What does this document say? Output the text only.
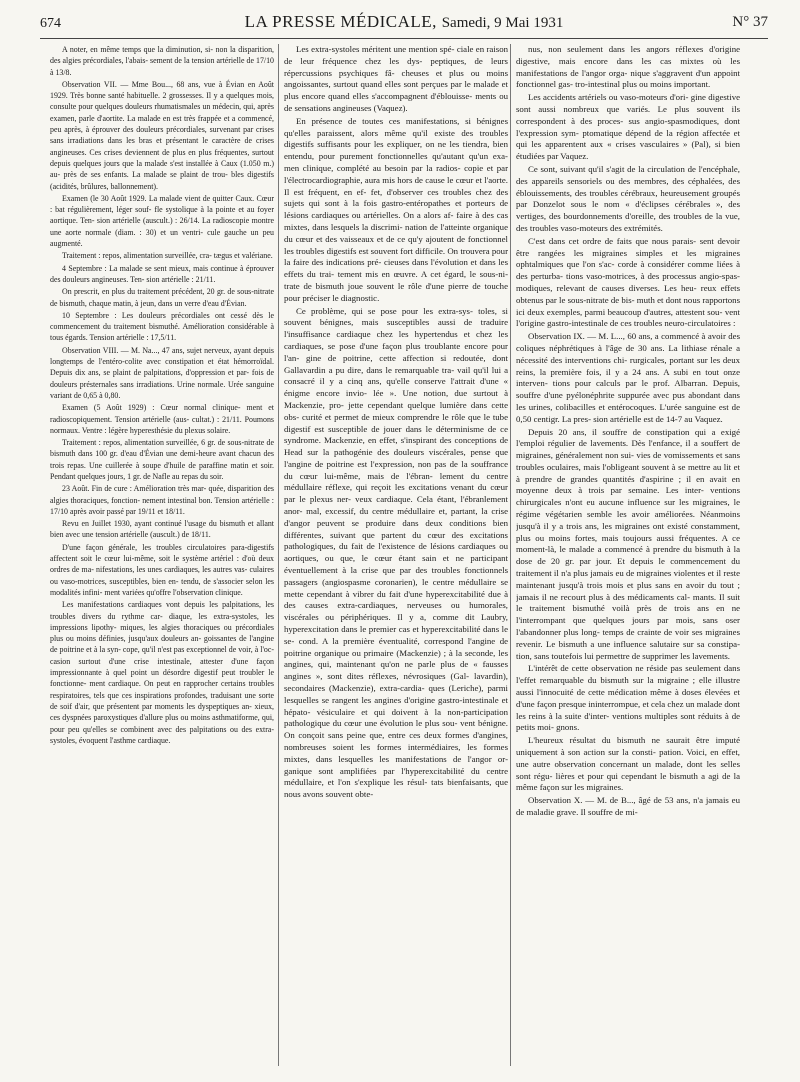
674	LA PRESSE MÉDICALE, Samedi, 9 Mai 1931	N° 37

A noter, en même temps que la diminution, si- non la disparition, des algies précordiales, l'abais- sement de la tension artérielle de 17/10 à 13/8.

Observation VII. — Mme Bou..., 68 ans, vue à Évian en Août 1929. Très bonne santé habituelle. 2 grossesses. Il y a quelques mois, consulte pour quelques douleurs rhumatismales un médecin, qui, après examen, parle d'aortite. La malade en est très frappée et a commencé, peu après, à éprouver des douleurs précordiales, survenant par crises sans irradiations dans les bras et présentant le caractère de crises angineuses. Ces crises deviennent de plus en plus fréquentes, surtout depuis quelques jours que la malade s'est installée à Caux (1.050 m.) au- près de ses enfants. La malade se plaint de trou- bles digestifs (acidités, brûlures, ballonnement).

Examen (le 30 Août 1929. La malade vient de quitter Caux. Cœur : bat régulièrement, léger souf- fle systolique à la pointe et au foyer aortique. Ten- sion artérielle (auscult.) : 26/14. La radioscopie montre une aorte normale (diam. : 30) et un ventri- cule gauche un peu augmenté.

Traitement : repos, alimentation surveillée, cra- tægus et valériane.

4 Septembre : La malade se sent mieux, mais continue à éprouver des douleurs angineuses. Ten- sion artérielle : 21/11.

On prescrit, en plus du traitement précédent, 20 gr. de sous-nitrate de bismuth, chaque matin, à jeun, dans un verre d'eau d'Évian.

10 Septembre : Les douleurs précordiales ont cessé dès le commencement du traitement bismuthé. Amélioration considérable à tous égards. Tension artérielle : 17,5/11.

Observation VIII. — M. Na..., 47 ans, sujet nerveux, ayant depuis longtemps de l'entéro-colite avec constipation et état hémorroïdal. Depuis dix ans, se plaint de palpitations, d'oppression et par- fois de douleurs présternales sans irradiations. Urine normale. Urée sanguine variant de 0,65 à 0,80.

Examen (5 Août 1929) : Cœur normal clinique- ment et radioscopiquement. Tension artérielle (aus- cultat.) : 21/11. Poumons normaux. Ventre : légère hyperesthésie du plexus solaire.

Traitement : repos, alimentation surveillée, 6 gr. de sous-nitrate de bismuth dans 100 gr. d'eau d'Évian une demi-heure avant chacun des trois repas. Une cuillerée à soupe d'huile de paraffine matin et soir. Pendant quelques jours, 1 gr. de Nafle au repas du soir.

23 Août. Fin de cure : Amélioration très mar- quée, disparition des algies thoraciques, fonction- nement intestinal bon. Tension artérielle : 17/10 après avoir passé par 19/11 et 18/11.

Revu en Juillet 1930, ayant continué l'usage du bismuth et allant bien avec une tension artérielle (auscult.) de 18/11.

D'une façon générale, les troubles circulatoires para-digestifs affectent soit le cœur lui-même, soit le système artériel : d'où deux ordres de ma- nifestations, les unes cardiaques, les autres vas- culaires ou vaso-motrices, susceptibles, bien en- tendu, de s'associer selon les modalités infini- ment variées qu'offre l'observation clinique.

Les manifestations cardiaques vont depuis les palpitations, les troubles divers du rythme car- diaque, les extra-systoles, les impressions lipothy- miques, les algies thoraciques ou précordiales plus ou moins définies, jusqu'aux douleurs an- goissantes de l'angine de poitrine et à la syn- cope, qu'il n'est pas exceptionnel de voir, à l'oc- casion surtout d'une crise intestinale, attester d'une façon impressionnante à quel point un désordre digestif peut troubler le fonctionne- ment cardiaque. On peut en rapprocher certains troubles respiratoires, tels que ces inspirations profondes, traduisant une sorte de soif d'air, que présentent par moments les dyspeptiques an- xieux, ces dyspnées paroxystiques d'allure plus ou moins asthmatiforme, qui, pour peu qu'elles se combinent avec des palpitations ou des extra- systoles, évoquent l'asthme cardiaque.

Les extra-systoles méritent une mention spé- ciale en raison de leur fréquence chez les dys- peptiques, de leurs répercussions psychiques fâ- cheuses et plus ou moins angoissantes, surtout quand elles sont perçues par le malade et plus encore quand elles s'accompagnent d'éblouisse- ments ou de sensations angineuses (Vaquez).

En présence de toutes ces manifestations, si bénignes qu'elles paraissent, alors même qu'il existe des troubles digestifs suffisants pour les expliquer, on ne les tiendra, bien entendu, pour purement fonctionnelles qu'autant qu'un exa- men clinique, complété au besoin par la radios- copie et par l'électrocardiographie, aura mis hors de cause le cœur et l'aorte. Il est fréquent, en ef- fet, d'observer ces troubles chez des sujets qui sont à la fois gastro-entéropathes et porteurs de lésions cardiaques ou artérielles. On a alors af- faire à des cas mixtes, dans lesquels la discrimi- nation de l'atteinte organique du cœur et des vaisseaux et de ce qu'y ajoutent de fonctionnel les troubles digestifs est souvent fort difficile. On trouvera pour la faire des indications pré- cieuses dans l'évolution et dans les effets du trai- tement mis en œuvre. A cet égard, le sous-ni- trate de bismuth joue souvent le rôle d'une pierre de touche pour préciser le diagnostic.

Ce problème, qui se pose pour les extra-sys- toles, si souvent bénignes, mais susceptibles aussi de traduire l'insuffisance cardiaque chez les hypertendus et chez les cardiaques, se pose d'une façon plus troublante encore pour l'an- gine de poitrine, cette affection si redoutée, dont Gallavardin a pu dire, dans le remarquable tra- vail qu'il lui a consacré il y a cinq ans, qu'elle conserve l'attrait d'une « énigme encore invio- lée ». Une notion, due surtout à Mackenzie, pro- jette cependant quelque lumière dans cette obs- curité et permet de mieux comprendre le rôle que le tube digestif est susceptible de jouer dans le déterminisme de ce syndrome. Mackenzie, en effet, s'inspirant des conceptions de Head sur la pathogénie des douleurs viscérales, pense que l'angine de poitrine est l'expression, non pas de la souffrance du cœur lui-même, mais de l'ébran- lement du centre médullaire réflexe, qui reçoit les excitations venant du cœur par le plexus ner- veux cardiaque. Cela étant, l'ébranlement anor- mal, excessif, du centre médullaire et, partant, la crise d'angor peuvent se produire dans deux conditions bien différentes, suivant que partent du cœur des excitations pathologiques, du fait de l'existence de lésions cardiaques ou aortiques, ou que, le cœur étant sain et ne participant éventuellement à la crise que par des troubles fonctionnels passagers (angiospasme coronarien), le centre médullaire se mette cependant à vibrer du fait d'une hyperexcitabilité due à des causes extra-cardiaques, nerveuses ou humorales, viscérales ou périphériques. Il y a, comme dit Laubry, hyperexcitation dans le premier cas et hyperexcitabilité dans le se- cond. A la première éventualité, correspond l'angine de poitrine organique ou primaire (Mackenzie) ; à la seconde, les angines, qui, maintenant qu'on ne parle plus de « fausses angines », sont dites réflexes, névrosiques (Gal- lavardin), secondaires (Mackenzie), extra-cardia- ques (Leriche), parmi lesquelles se rangent les angines d'origine gastro-intestinale et hépato- vésiculaire et qui doivent à la non-participation pathologique du cœur une évolution le plus sou- vent bénigne. On conçoit sans peine que, entre ces deux formes d'angines, nombreuses soient les formes intermédiaires, les formes mixtes, dans lesquelles les manifestations de l'angor or- ganique sont amplifiées par l'hyperexcitabilité du centre médullaire, et l'on s'explique les résul- tats bienfaisants, que nous avons souvent obte-

nus, non seulement dans les angors réflexes d'origine digestive, mais encore dans les cas mixtes où les manifestations de l'angor orga- nique s'aggravent d'un appoint fonctionnel gas- tro-intestinal plus ou moins important.

Les accidents artériels ou vaso-moteurs d'ori- gine digestive sont aussi nombreux que variés. Le plus souvent ils correspondent à des proces- sus angio-spasmodiques, dont l'expression sym- ptomatique dépend de la région affectée et qui les apparentent aux « crises vasculaires » (Pal), si bien étudiées par Vaquez.

Ce sont, suivant qu'il s'agit de la circulation de l'encéphale, des appareils sensoriels ou des membres, des céphalées, des éblouissements, des troubles cérébraux, heureusement groupés par Donzelot sous le nom « d'éclipses cérébrales », des vertiges, des bourdonnements d'oreille, des troubles de la vue, des troubles vaso-moteurs des extrémités.

C'est dans cet ordre de faits que nous parais- sent devoir être rangées les migraines simples et les migraines ophtalmiques que l'on s'ac- corde à considérer comme liées à des perturba- tions vaso-motrices, à des processus angio-spas- modiques, relevant de causes diverses. Les heu- reux effets obtenus par le sous-nitrate de bis- muth et dont nous rapportons ici deux exemples, parmi beaucoup d'autres, attestent sou- vent l'origine gastro-intestinale de ces troubles neuro-circulatoires :

Observation IX. — M. L..., 60 ans, a commencé à avoir des coliques néphrétiques à l'âge de 30 ans. La lithiase rénale a nécessité des interventions chi- rurgicales, portant sur les deux reins, la première fois, il y a 24 ans. A subi en tout onze interven- tions pour calculs par le prof. Albarran. Depuis, souffre d'une pyélonéphrite suppurée avec pus abondant dans les urines, colibacilles et entérocoques. L'urée sanguine est de 0,50 centigr. La pres- sion artérielle est de 14-7 au Vaquez.

Depuis 20 ans, il souffre de constipation qui a exigé l'emploi régulier de lavements. Dès l'enfance, il a souffert de migraines, généralement non sui- vies de vomissements et sans troubles oculaires, mais l'obligeant souvent à se mettre au lit et à prendre de grandes quantités d'aspirine ; il en avait en moyenne deux à trois par semaine. Les inter- ventions chirurgicales n'ont eu aucune influence sur les migraines, le régime végétarien semble les avoir améliorées. Néanmoins jusqu'à il y a trois ans, les migraines ont existé constamment, plus ou moins fortes, mais toujours aussi fréquentes. A ce moment-là, le malade a commencé à prendre du bismuth à la dose de 20 gr. par jour. Et depuis le commencement du traitement il n'a plus jamais eu de migraines violentes et il reste maintenant jusqu'à trois mois et plus sans en avoir du tout ; jamais il ne recourt plus à des médicaments cal- mants. Il suit le traitement bismuthé voilà près de trois ans en ne l'interrompant que quelques jours par mois, sans oser l'abandonner plus long- temps de crainte de voir ses migraines revenir. Le bismuth a une influence salutaire sur sa constipa- tion, sans toutefois lui permettre de supprimer les lavements.

L'intérêt de cette observation ne réside pas seulement dans l'effet remarquable du bismuth sur la migraine ; elle illustre aussi l'innocuité de cette médication même à doses élevées et d'une façon presque ininterrompue, et cela chez un malade dont les reins à la suite d'inter- ventions multiples sont réduits à de petits moi- gnons.

L'heureux résultat du bismuth ne saurait être imputé uniquement à son action sur la consti- pation. Voici, en effet, une autre observation concernant un malade, dont les selles sont régu- lières et pour qui cependant le bismuth a agi de la même façon sur les migraines.

Observation X. — M. de B..., âgé de 53 ans, n'a jamais eu de maladie grave. Il souffre de mi-
